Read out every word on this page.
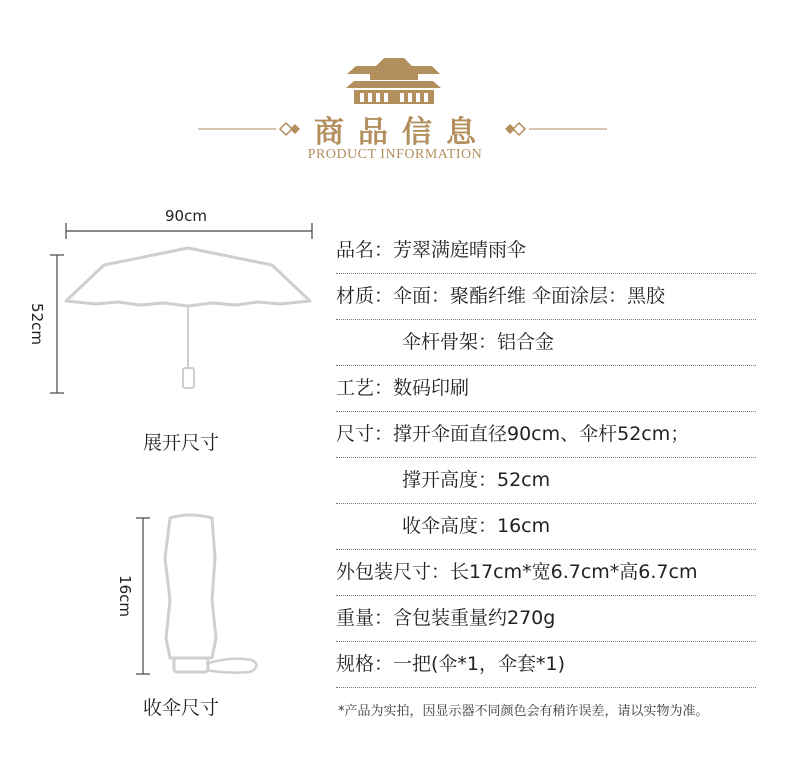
商品信息
PRODUCT INFORMATION
90cm
52cm
16cm
展开尺寸
收伞尺寸
品名：芳翠满庭晴雨伞
材质：伞面：聚酯纤维 伞面涂层：黑胶
伞杆骨架：铝合金
工艺：数码印刷
尺寸：撑开伞面直径90cm、伞杆52cm；
撑开高度：52cm
收伞高度：16cm
外包装尺寸：长17cm*宽6.7cm*高6.7cm
重量：含包装重量约270g
规格：一把(伞*1，伞套*1)
*产品为实拍，因显示器不同颜色会有稍许误差，请以实物为准。
